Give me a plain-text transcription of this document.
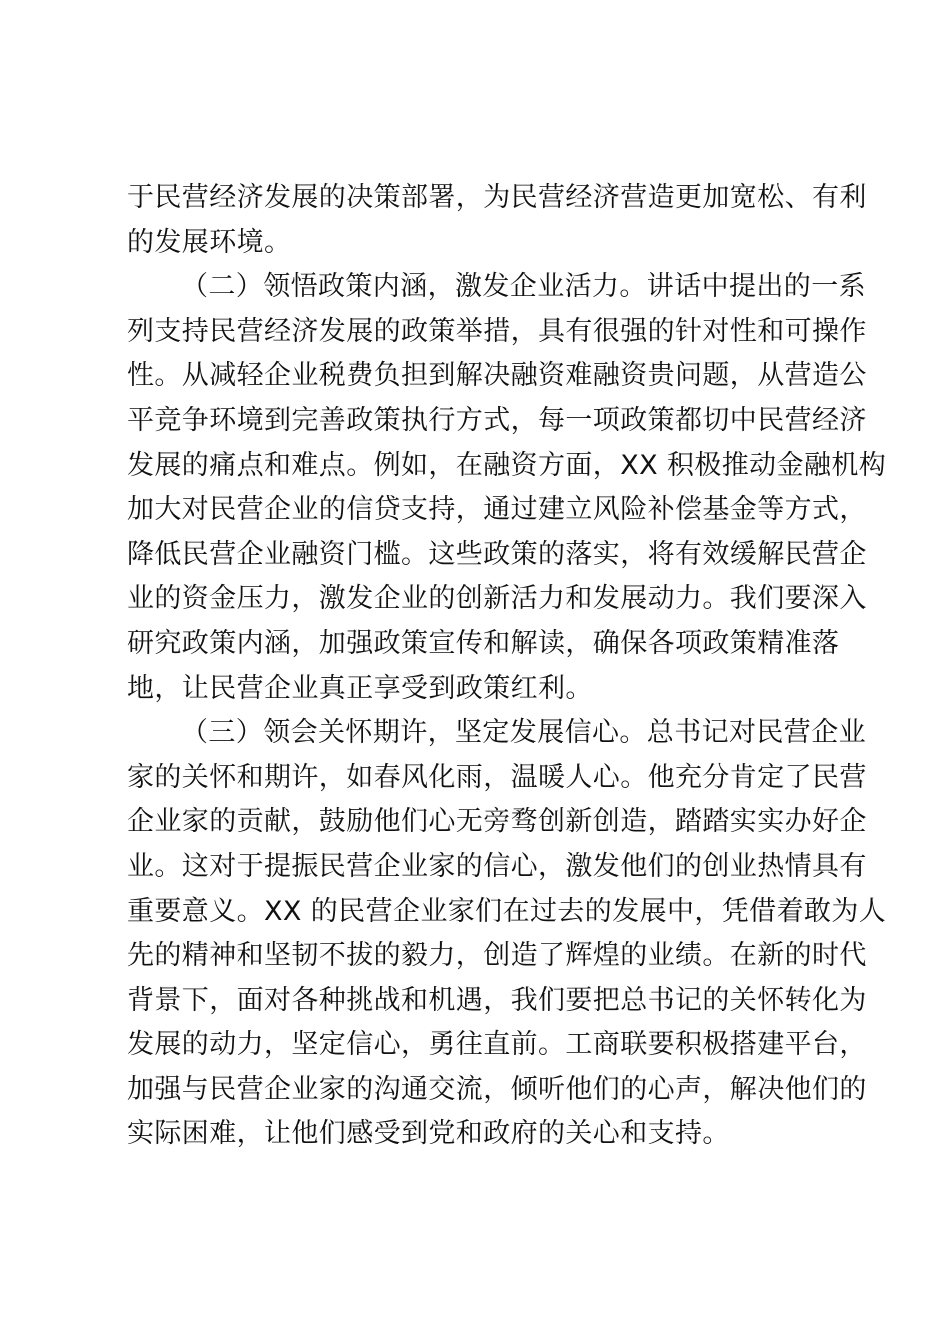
于民营经济发展的决策部署，为民营经济营造更加宽松、有利
的发展环境。
（二）领悟政策内涵，激发企业活力。讲话中提出的一系
列支持民营经济发展的政策举措，具有很强的针对性和可操作
性。从减轻企业税费负担到解决融资难融资贵问题，从营造公
平竞争环境到完善政策执行方式，每一项政策都切中民营经济
发展的痛点和难点。例如，在融资方面，XX 积极推动金融机构
加大对民营企业的信贷支持，通过建立风险补偿基金等方式，
降低民营企业融资门槛。这些政策的落实，将有效缓解民营企
业的资金压力，激发企业的创新活力和发展动力。我们要深入
研究政策内涵，加强政策宣传和解读，确保各项政策精准落
地，让民营企业真正享受到政策红利。
（三）领会关怀期许，坚定发展信心。总书记对民营企业
家的关怀和期许，如春风化雨，温暖人心。他充分肯定了民营
企业家的贡献，鼓励他们心无旁骛创新创造，踏踏实实办好企
业。这对于提振民营企业家的信心，激发他们的创业热情具有
重要意义。XX 的民营企业家们在过去的发展中，凭借着敢为人
先的精神和坚韧不拔的毅力，创造了辉煌的业绩。在新的时代
背景下，面对各种挑战和机遇，我们要把总书记的关怀转化为
发展的动力，坚定信心，勇往直前。工商联要积极搭建平台，
加强与民营企业家的沟通交流，倾听他们的心声，解决他们的
实际困难，让他们感受到党和政府的关心和支持。
